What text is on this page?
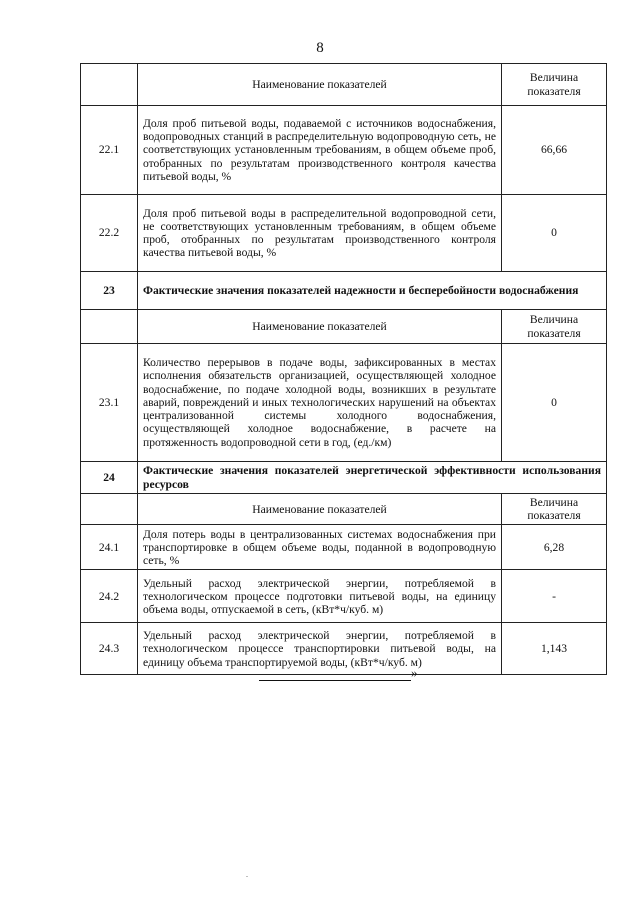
8
	Наименование показателей	Величина показателя
22.1	Доля проб питьевой воды, подаваемой с источников водоснабжения, водопроводных станций в распределительную водопроводную сеть, не соответствующих установленным требованиям, в общем объеме проб, отобранных по результатам производственного контроля качества питьевой воды, %	66,66
22.2	Доля проб питьевой воды в распределительной водопроводной сети, не соответствующих установленным требованиям, в общем объеме проб, отобранных по результатам производственного контроля качества питьевой воды, %	0
23	Фактические значения показателей надежности и бесперебойности водоснабжения	
	Наименование показателей	Величина показателя
23.1	Количество перерывов в подаче воды, зафиксированных в местах исполнения обязательств организацией, осуществляющей холодное водоснабжение, по подаче холодной воды, возникших в результате аварий, повреждений и иных технологических нарушений на объектах централизованной системы холодного водоснабжения, осуществляющей холодное водоснабжение, в расчете на протяженность водопроводной сети в год, (ед./км)	0
24	Фактические значения показателей энергетической эффективности использования ресурсов	
	Наименование показателей	Величина показателя
24.1	Доля потерь воды в централизованных системах водоснабжения при транспортировке в общем объеме воды, поданной в водопроводную сеть, %	6,28
24.2	Удельный расход электрической энергии, потребляемой в технологическом процессе подготовки питьевой воды, на единицу объема воды, отпускаемой в сеть, (кВт*ч/куб. м)	-
24.3	Удельный расход электрической энергии, потребляемой в технологическом процессе транспортировки питьевой воды, на единицу объема транспортируемой воды, (кВт*ч/куб. м)	1,143
»
.
